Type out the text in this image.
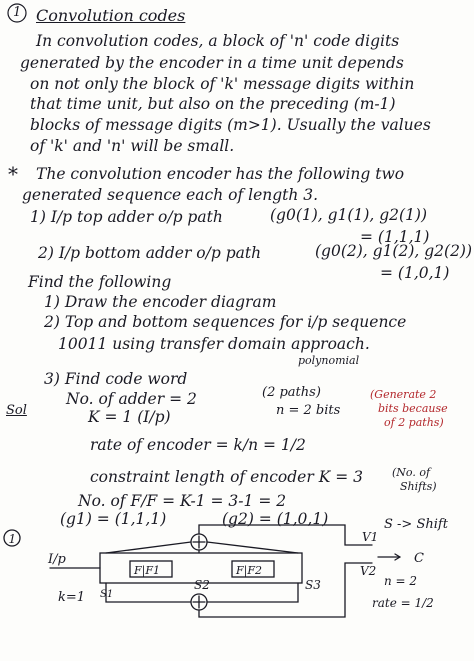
1 Convolution codes
In convolution codes, a block of 'n' code digits
generated by the encoder in a time unit depends
on not only the block of 'k' message digits within
that time unit, but also on the preceding (m-1)
blocks of message digits (m>1). Usually the values
of 'k' and 'n' will be small.
* The convolution encoder has the following two
generated sequence each of length 3.
1) I/p top adder o/p path	(g0(1), g1(1), g2(1))
= (1,1,1)
2) I/p bottom adder o/p path	(g0(2), g1(2), g2(2))
= (1,0,1)
Find the following
1) Draw the encoder diagram
2) Top and bottom sequences for i/p sequence
10011 using transfer domain approach.
polynomial
3) Find code word
Sol
No. of adder = 2	(2 paths)
K = 1 (I/p)	n = 2 bits
(Generate 2
bits because
of 2 paths)
rate of encoder = k/n = 1/2
constraint length of encoder K = 3	(No. of
Shifts)
No. of F/F = K-1 = 3-1 = 2
(g1) = (1,1,1)	(g2) = (1,0,1)	S -> Shift
1
I/p
k=1
F|F1	F|F2
S1
S2	S3
V1
V2
C
n = 2
rate = 1/2
